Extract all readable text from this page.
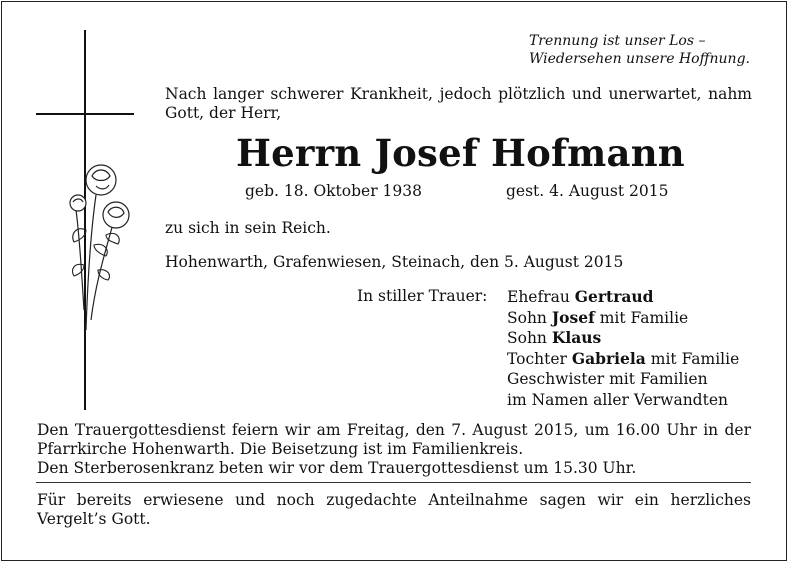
Trennung ist unser Los –
Wiedersehen unsere Hoffnung.
Nach langer schwerer Krankheit, jedoch plötzlich und unerwartet, nahm Gott, der Herr,
Herrn Josef Hofmann
geb. 18. Oktober 1938	gest. 4. August 2015
zu sich in sein Reich.
Hohenwarth, Grafenwiesen, Steinach, den 5. August 2015
In stiller Trauer: Ehefrau Gertraud
Sohn Josef mit Familie
Sohn Klaus
Tochter Gabriela mit Familie
Geschwister mit Familien
im Namen aller Verwandten
Den Trauergottesdienst feiern wir am Freitag, den 7. August 2015, um 16.00 Uhr in der Pfarrkirche Hohenwarth. Die Beisetzung ist im Familienkreis.
Den Sterberosenkranz beten wir vor dem Trauergottesdienst um 15.30 Uhr.
Für bereits erwiesene und noch zugedachte Anteilnahme sagen wir ein herzliches Vergelt’s Gott.
